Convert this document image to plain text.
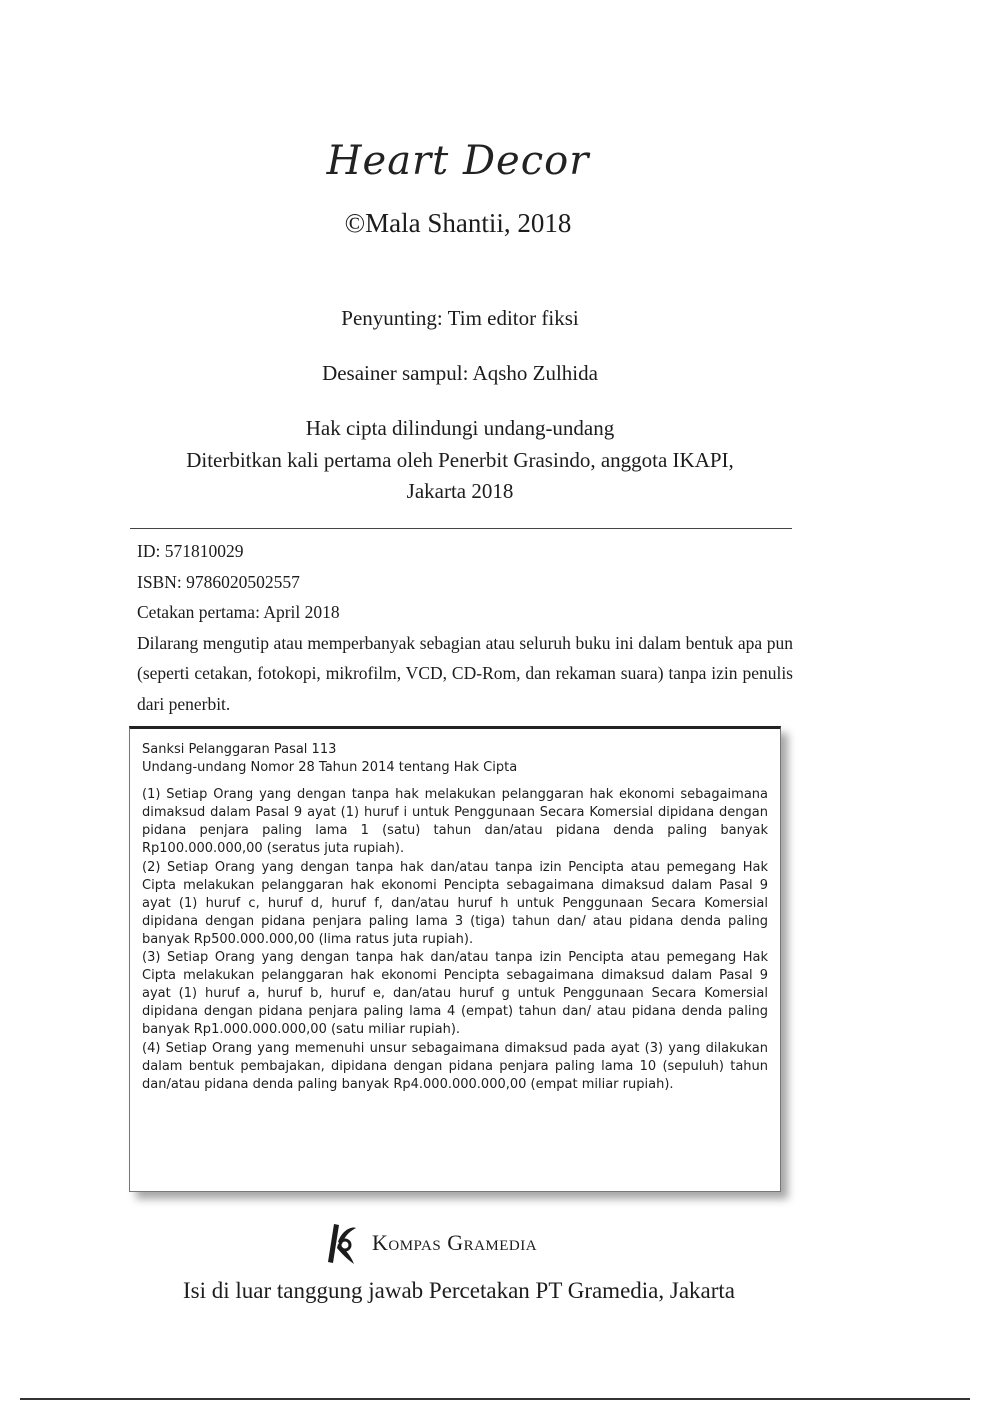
Heart Decor
©Mala Shantii, 2018
Penyunting: Tim editor fiksi
Desainer sampul: Aqsho Zulhida
Hak cipta dilindungi undang-undang
Diterbitkan kali pertama oleh Penerbit Grasindo, anggota IKAPI,
Jakarta 2018
ID: 571810029
ISBN: 9786020502557
Cetakan pertama: April 2018
Dilarang mengutip atau memperbanyak sebagian atau seluruh buku ini dalam bentuk apa pun (seperti cetakan, fotokopi, mikrofilm, VCD, CD-Rom, dan rekaman suara) tanpa izin penulis dari penerbit.
Sanksi Pelanggaran Pasal 113
Undang-undang Nomor 28 Tahun 2014 tentang Hak Cipta

(1) Setiap Orang yang dengan tanpa hak melakukan pelanggaran hak ekonomi sebagaimana dimaksud dalam Pasal 9 ayat (1) huruf i untuk Penggunaan Secara Komersial dipidana dengan pidana penjara paling lama 1 (satu) tahun dan/atau pidana denda paling banyak Rp100.000.000,00 (seratus juta rupiah).

(2) Setiap Orang yang dengan tanpa hak dan/atau tanpa izin Pencipta atau pemegang Hak Cipta melakukan pelanggaran hak ekonomi Pencipta sebagaimana dimaksud dalam Pasal 9 ayat (1) huruf c, huruf d, huruf f, dan/atau huruf h untuk Penggunaan Secara Komersial dipidana dengan pidana penjara paling lama 3 (tiga) tahun dan/ atau pidana denda paling banyak Rp500.000.000,00 (lima ratus juta rupiah).

(3) Setiap Orang yang dengan tanpa hak dan/atau tanpa izin Pencipta atau pemegang Hak Cipta melakukan pelanggaran hak ekonomi Pencipta sebagaimana dimaksud dalam Pasal 9 ayat (1) huruf a, huruf b, huruf e, dan/atau huruf g untuk Penggunaan Secara Komersial dipidana dengan pidana penjara paling lama 4 (empat) tahun dan/ atau pidana denda paling banyak Rp1.000.000.000,00 (satu miliar rupiah).

(4) Setiap Orang yang memenuhi unsur sebagaimana dimaksud pada ayat (3) yang dilakukan dalam bentuk pembajakan, dipidana dengan pidana penjara paling lama 10 (sepuluh) tahun dan/atau pidana denda paling banyak Rp4.000.000.000,00 (empat miliar rupiah).

Kompas Gramedia
Isi di luar tanggung jawab Percetakan PT Gramedia, Jakarta
